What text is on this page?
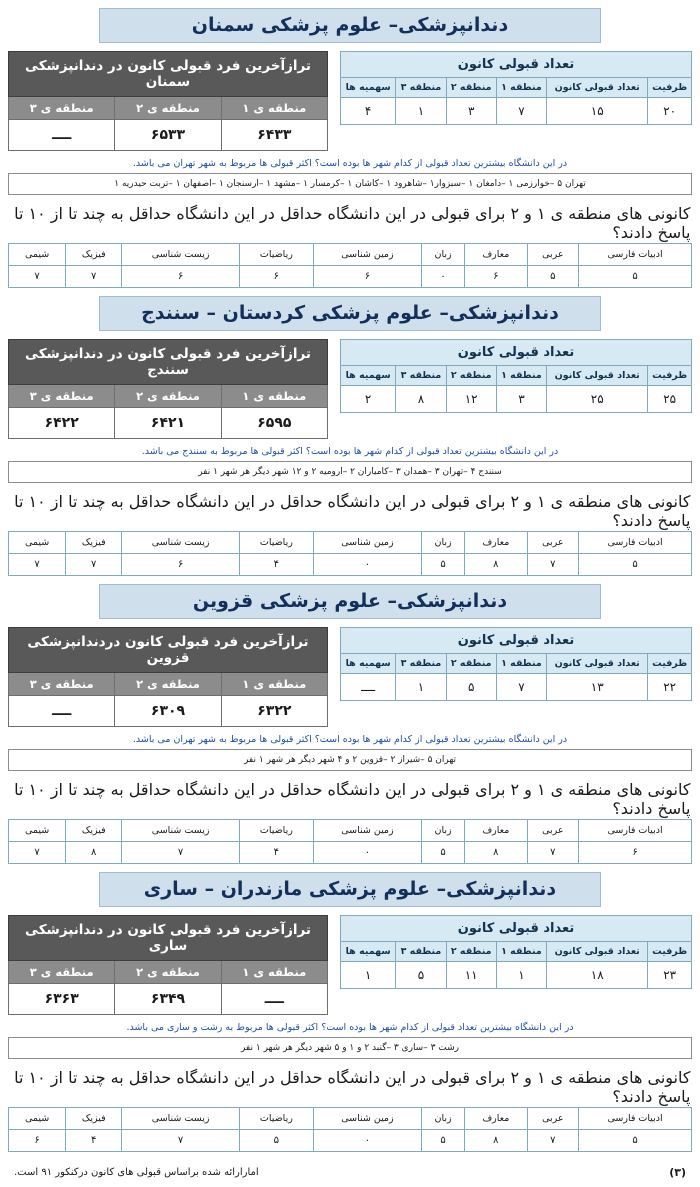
دندانپزشکی– علوم پزشکی سمنان
تعداد قبولی کانون					
ظرفیت	تعداد قبولی کانون	منطقه ۱	منطقه ۲	منطقه ۳	سهمیه ها
۲۰	۱۵	۷	۳	۱	۴
ترازآخرین فرد قبولی کانون در دندانپزشکی سمنان		
منطقه ی ۱	منطقه ی ۲	منطقه ی ۳
۶۴۳۳	۶۵۳۳	ــــ
در این دانشگاه بیشترین تعداد قبولی از کدام شهر ها بوده است؟ اکثر قبولی ها مربوط به شهر تهران می باشد.
تهران ۵ –خوارزمی ۱ –دامغان ۱ –سبزوار۱ –شاهرود ۱ –کاشان ۱ –کرمسار ۱ –مشهد ۱ –ارسنجان ۱ –اصفهان ۱ –تربت حیدریه ۱
کانونی های منطقه ی ۱ و ۲ برای قبولی در این دانشگاه حداقل در این دانشگاه حداقل به چند تا از ۱۰ تا پاسخ دادند؟								
ادبیات فارسی	عربی	معارف	زبان	زمین شناسی	ریاضیات	زیست شناسی	فیزیک	شیمی
۵	۵	۶	۰	۶	۶	۶	۷	۷
دندانپزشکی– علوم پزشکی کردستان – سنندج
تعداد قبولی کانون					
ظرفیت	تعداد قبولی کانون	منطقه ۱	منطقه ۲	منطقه ۳	سهمیه ها
۲۵	۲۵	۳	۱۲	۸	۲
ترازآخرین فرد قبولی کانون در دندانپزشکی سنندج		
منطقه ی ۱	منطقه ی ۲	منطقه ی ۳
۶۵۹۵	۶۴۲۱	۶۴۲۲
در این دانشگاه بیشترین تعداد قبولی از کدام شهر ها بوده است؟ اکثر قبولی ها مربوط به سنندج می باشد.
سنندج ۴ –تهران ۳ –همدان ۳ –کامیاران ۲ –ارومیه ۲ و ۱۲ شهر دیگر هر شهر ۱ نفر
کانونی های منطقه ی ۱ و ۲ برای قبولی در این دانشگاه حداقل در این دانشگاه حداقل به چند تا از ۱۰ تا پاسخ دادند؟								
ادبیات فارسی	عربی	معارف	زبان	زمین شناسی	ریاضیات	زیست شناسی	فیزیک	شیمی
۵	۷	۸	۵	۰	۴	۶	۷	۷
دندانپزشکی– علوم پزشکی قزوین
تعداد قبولی کانون					
ظرفیت	تعداد قبولی کانون	منطقه ۱	منطقه ۲	منطقه ۳	سهمیه ها
۲۲	۱۳	۷	۵	۱	ــــ
ترازآخرین فرد قبولی کانون دردندانپزشکی قزوین		
منطقه ی ۱	منطقه ی ۲	منطقه ی ۳
۶۳۲۲	۶۳۰۹	ــــ
در این دانشگاه بیشترین تعداد قبولی از کدام شهر ها بوده است؟ اکثر قبولی ها مربوط به شهر تهران می باشد.
تهران ۵ –شیراز ۲ –قزوین ۲ و ۴ شهر دیگر هر شهر ۱ نفر
کانونی های منطقه ی ۱ و ۲ برای قبولی در این دانشگاه حداقل در این دانشگاه حداقل به چند تا از ۱۰ تا پاسخ دادند؟								
ادبیات فارسی	عربی	معارف	زبان	زمین شناسی	ریاضیات	زیست شناسی	فیزیک	شیمی
۶	۷	۸	۵	۰	۴	۷	۸	۷
دندانپزشکی– علوم پزشکی مازندران – ساری
تعداد قبولی کانون					
ظرفیت	تعداد قبولی کانون	منطقه ۱	منطقه ۲	منطقه ۳	سهمیه ها
۲۳	۱۸	۱	۱۱	۵	۱
ترازآخرین فرد قبولی کانون در دندانپزشکی ساری		
منطقه ی ۱	منطقه ی ۲	منطقه ی ۳
ــــ	۶۳۴۹	۶۳۶۳
در این دانشگاه بیشترین تعداد قبولی از کدام شهر ها بوده است؟ اکثر قبولی ها مربوط به رشت و ساری می باشد.
رشت ۳ –ساری ۳ –گنبد ۲ و ۱ و ۵ شهر دیگر هر شهر ۱ نفر
کانونی های منطقه ی ۱ و ۲ برای قبولی در این دانشگاه حداقل در این دانشگاه حداقل به چند تا از ۱۰ تا پاسخ دادند؟								
ادبیات فارسی	عربی	معارف	زبان	زمین شناسی	ریاضیات	زیست شناسی	فیزیک	شیمی
۵	۷	۸	۵	۰	۵	۷	۴	۶
(۳)
امارارائه شده براساس قبولی های کانون درکنکور ۹۱ است.
